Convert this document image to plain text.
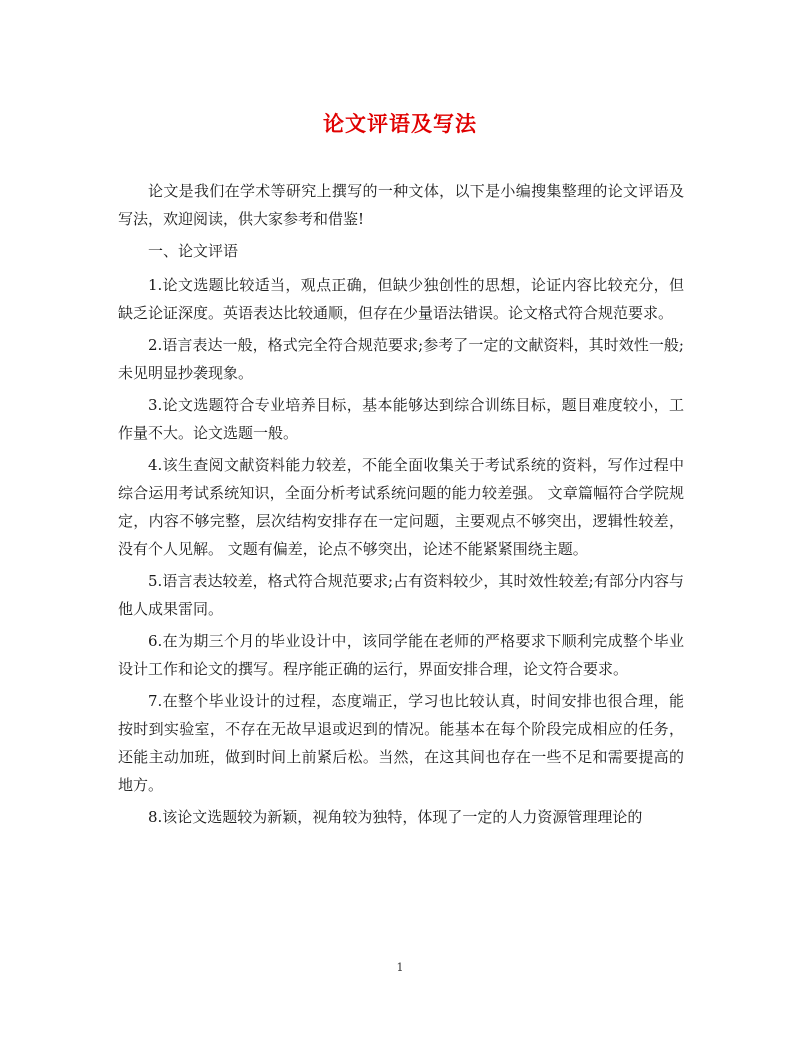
论文评语及写法

论文是我们在学术等研究上撰写的一种文体，以下是小编搜集整理的论文评语及写法，欢迎阅读，供大家参考和借鉴!

一、论文评语

1.论文选题比较适当，观点正确，但缺少独创性的思想，论证内容比较充分，但缺乏论证深度。英语表达比较通顺，但存在少量语法错误。论文格式符合规范要求。

2.语言表达一般，格式完全符合规范要求;参考了一定的文献资料，其时效性一般;未见明显抄袭现象。

3.论文选题符合专业培养目标，基本能够达到综合训练目标，题目难度较小，工作量不大。论文选题一般。

4.该生查阅文献资料能力较差，不能全面收集关于考试系统的资料，写作过程中综合运用考试系统知识，全面分析考试系统问题的能力较差强。 文章篇幅符合学院规定，内容不够完整，层次结构安排存在一定问题，主要观点不够突出，逻辑性较差，没有个人见解。 文题有偏差，论点不够突出，论述不能紧紧围绕主题。

5.语言表达较差，格式符合规范要求;占有资料较少，其时效性较差;有部分内容与他人成果雷同。

6.在为期三个月的毕业设计中，该同学能在老师的严格要求下顺利完成整个毕业设计工作和论文的撰写。程序能正确的运行，界面安排合理，论文符合要求。

7.在整个毕业设计的过程，态度端正，学习也比较认真，时间安排也很合理，能按时到实验室，不存在无故早退或迟到的情况。能基本在每个阶段完成相应的任务，还能主动加班，做到时间上前紧后松。当然，在这其间也存在一些不足和需要提高的地方。

8.该论文选题较为新颖，视角较为独特，体现了一定的人力资源管理理论的

1
